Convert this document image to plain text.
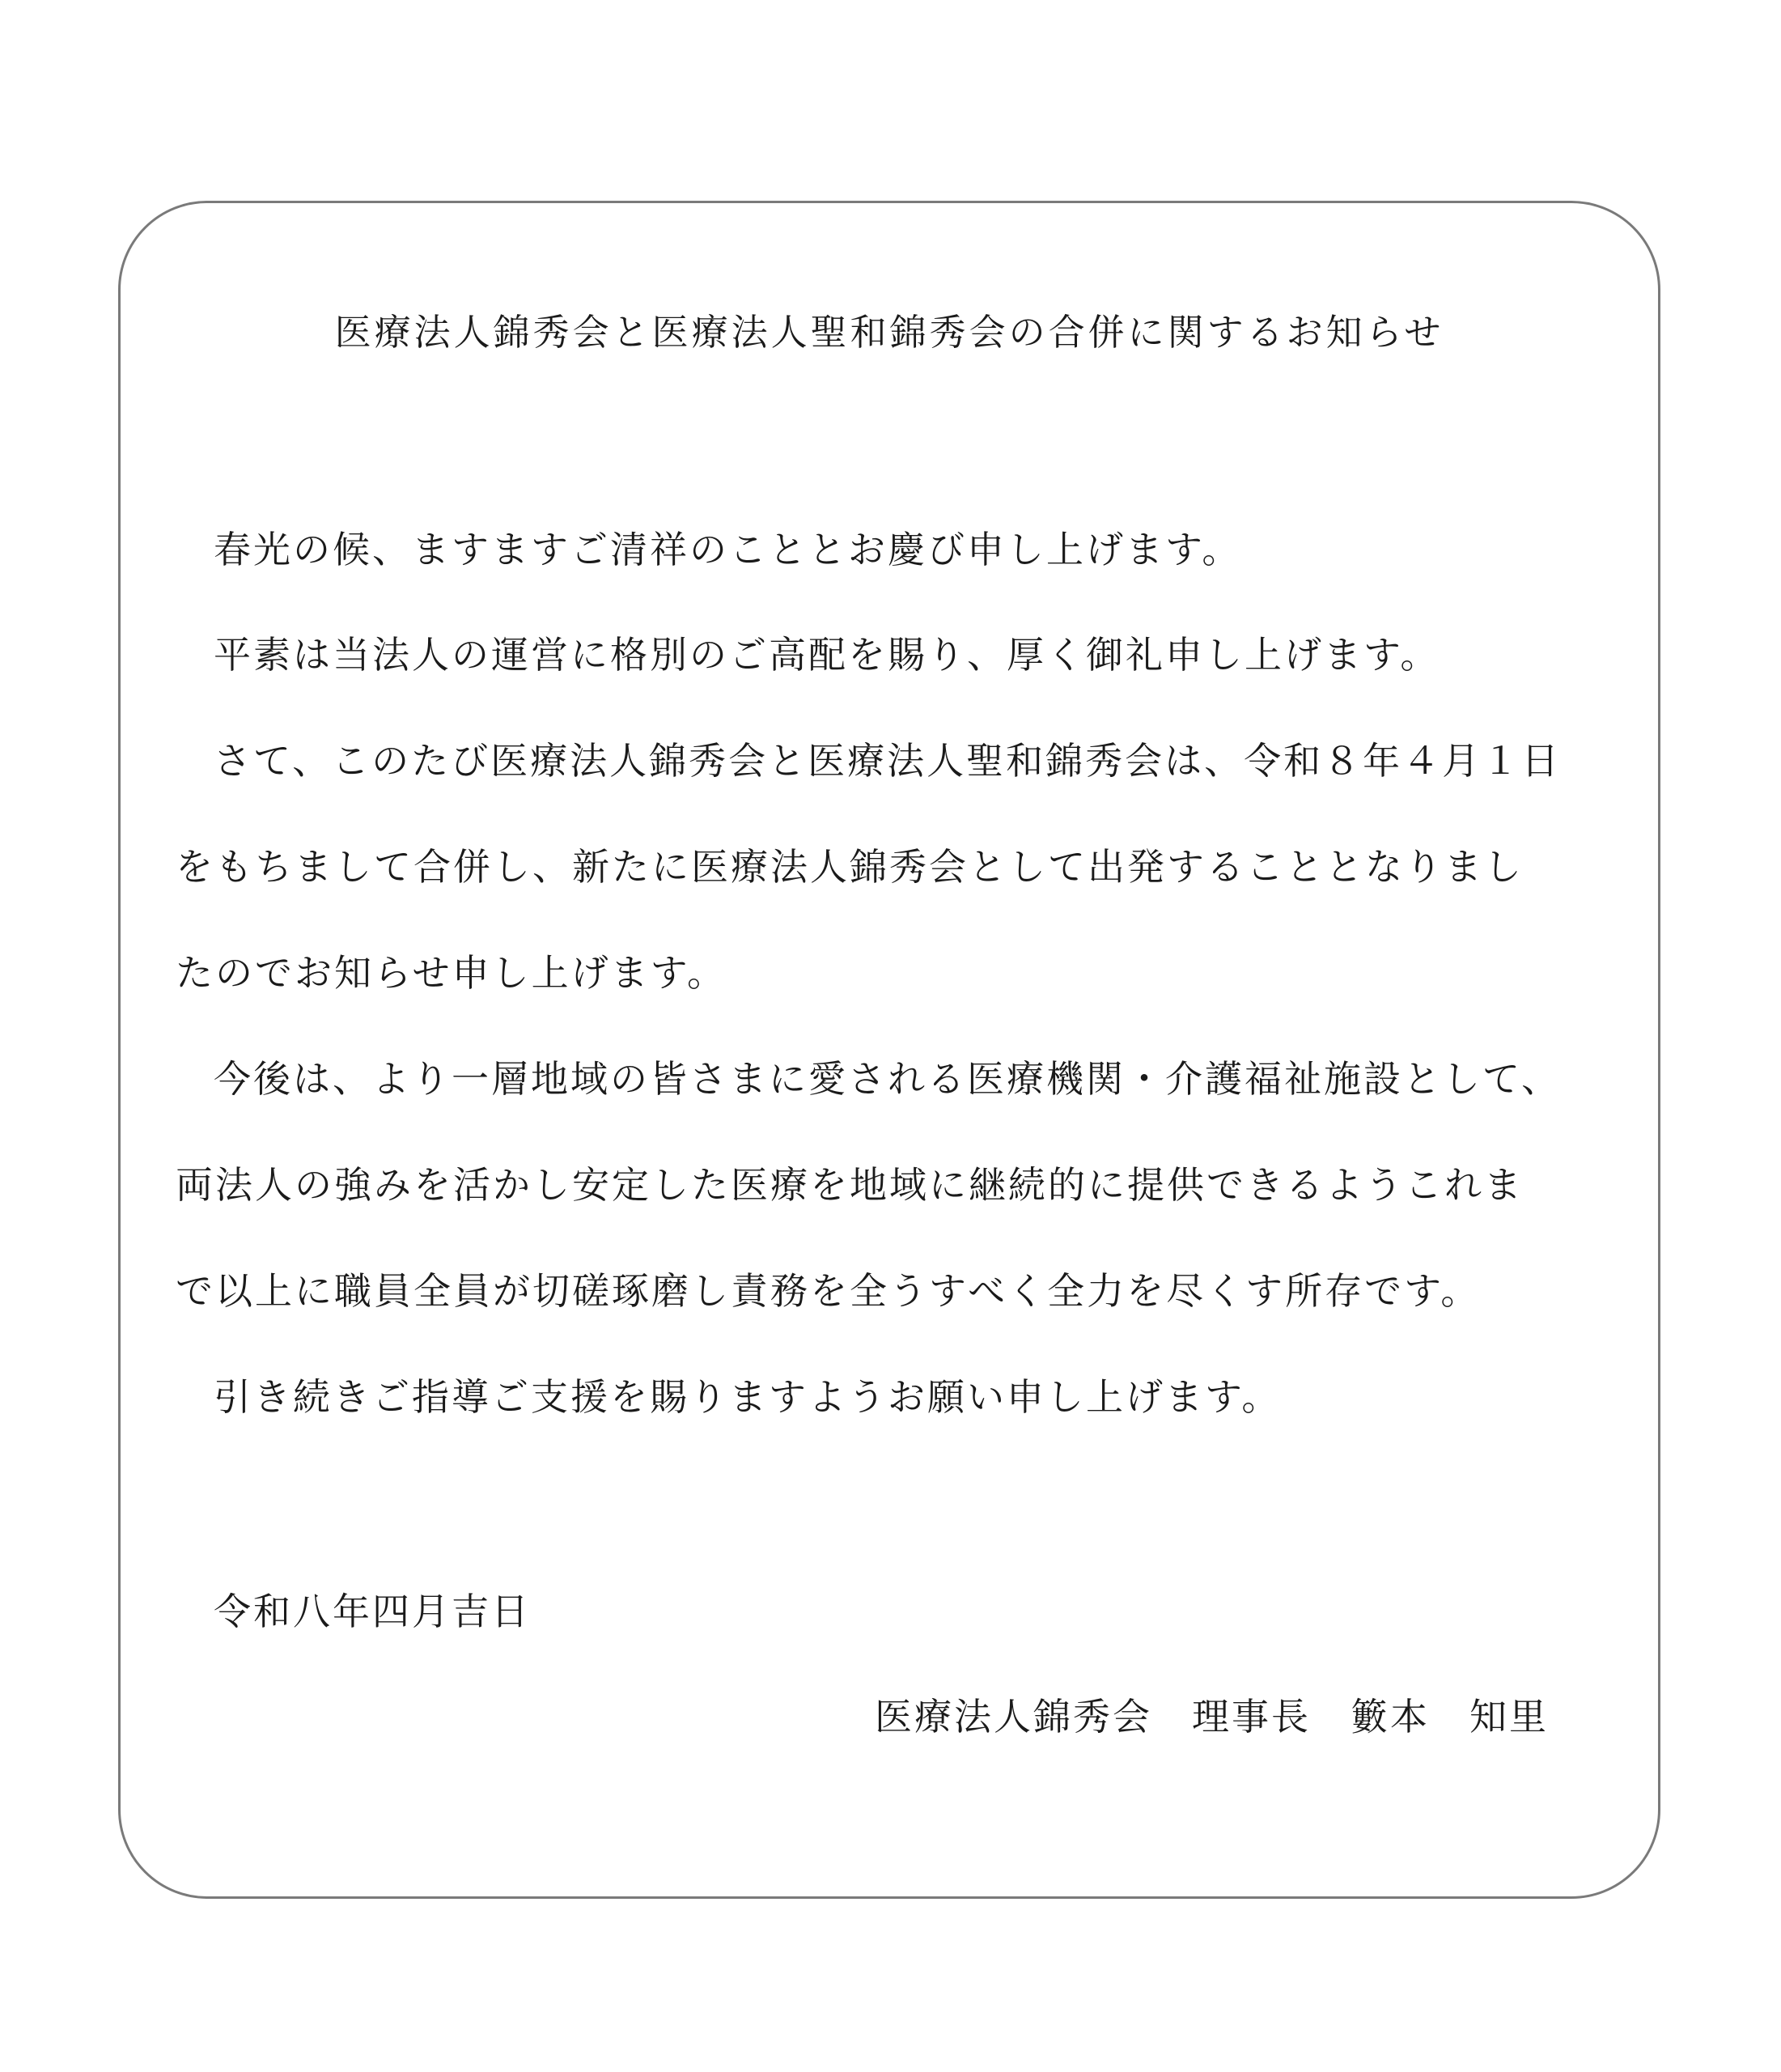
医療法人錦秀会と医療法人聖和錦秀会の合併に関するお知らせ

春光の候、ますますご清祥のこととお慶び申し上げます。

平素は当法人の運営に格別のご高配を賜り、厚く御礼申し上げます。

さて、このたび医療法人錦秀会と医療法人聖和錦秀会は、令和８年４月１日

をもちまして合併し、新たに医療法人錦秀会として出発することとなりまし

たのでお知らせ申し上げます。

今後は、より一層地域の皆さまに愛される医療機関・介護福祉施設として、

両法人の強みを活かし安定した医療を地域に継続的に提供できるようこれま

で以上に職員全員が切磋琢磨し責務を全うすべく全力を尽くす所存です。

引き続きご指導ご支援を賜りますようお願い申し上げます。

令和八年四月吉日

医療法人錦秀会　理事長　籔本　知里
